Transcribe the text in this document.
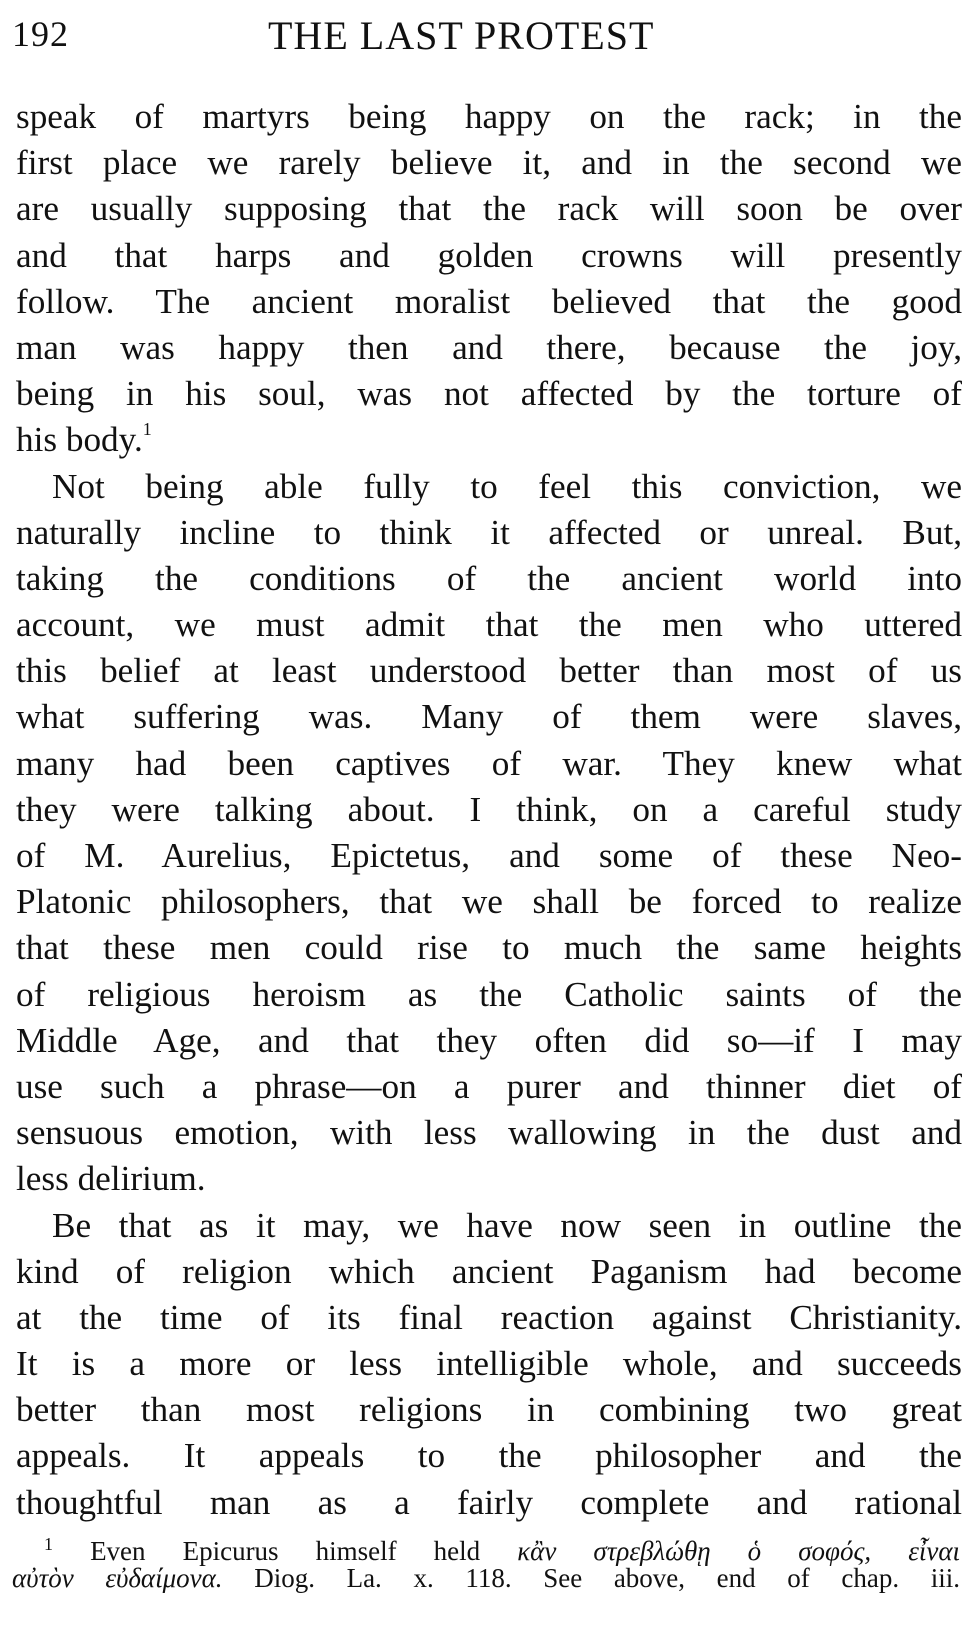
192	THE LAST PROTEST
speak of martyrs being happy on the rack; in the
first place we rarely believe it, and in the second we
are usually supposing that the rack will soon be over
and that harps and golden crowns will presently
follow. The ancient moralist believed that the good
man was happy then and there, because the joy,
being in his soul, was not affected by the torture of
his body.$^1$
Not being able fully to feel this conviction, we
naturally incline to think it affected or unreal. But,
taking the conditions of the ancient world into
account, we must admit that the men who uttered
this belief at least understood better than most of us
what suffering was. Many of them were slaves,
many had been captives of war. They knew what
they were talking about. I think, on a careful study
of M. Aurelius, Epictetus, and some of these Neo-
Platonic philosophers, that we shall be forced to realize
that these men could rise to much the same heights
of religious heroism as the Catholic saints of the
Middle Age, and that they often did so—if I may
use such a phrase—on a purer and thinner diet of
sensuous emotion, with less wallowing in the dust and
less delirium.
Be that as it may, we have now seen in outline the
kind of religion which ancient Paganism had become
at the time of its final reaction against Christianity.
It is a more or less intelligible whole, and succeeds
better than most religions in combining two great
appeals. It appeals to the philosopher and the
thoughtful man as a fairly complete and rational
$^1$ Even Epicurus himself held κἂν στρεβλώθῃ ὁ σοφός, εἶναι
αὐτὸν εὐδαίμονα. Diog. La. x. 118. See above, end of chap. iii.
